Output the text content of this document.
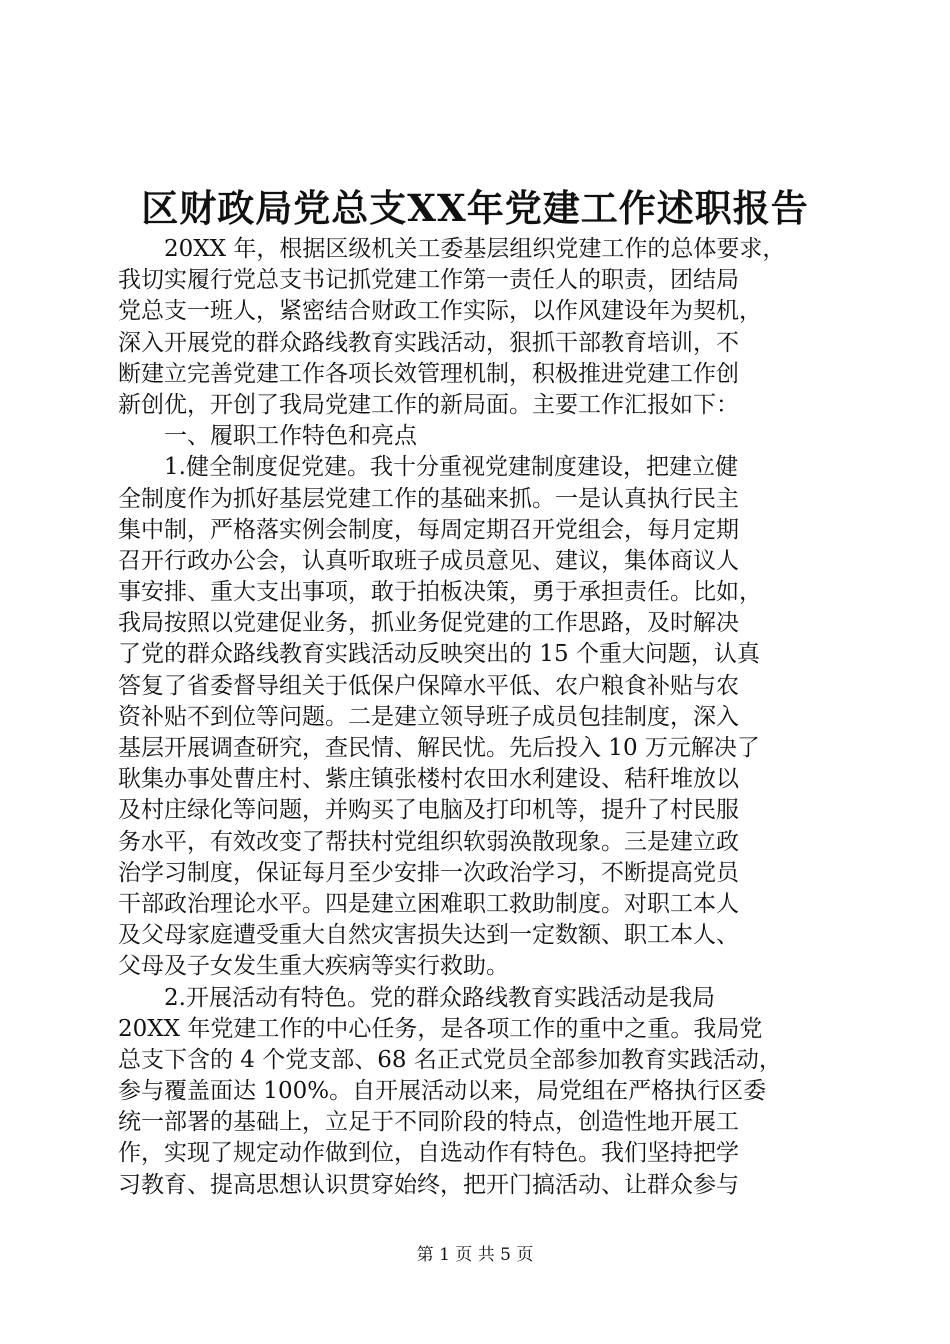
区财政局党总支XX年党建工作述职报告
20XX 年，根据区级机关工委基层组织党建工作的总体要求，
我切实履行党总支书记抓党建工作第一责任人的职责，团结局
党总支一班人，紧密结合财政工作实际，以作风建设年为契机，
深入开展党的群众路线教育实践活动，狠抓干部教育培训，不
断建立完善党建工作各项长效管理机制，积极推进党建工作创
新创优，开创了我局党建工作的新局面。主要工作汇报如下：
一、履职工作特色和亮点
1.健全制度促党建。我十分重视党建制度建设，把建立健
全制度作为抓好基层党建工作的基础来抓。一是认真执行民主
集中制，严格落实例会制度，每周定期召开党组会，每月定期
召开行政办公会，认真听取班子成员意见、建议，集体商议人
事安排、重大支出事项，敢于拍板决策，勇于承担责任。比如，
我局按照以党建促业务，抓业务促党建的工作思路，及时解决
了党的群众路线教育实践活动反映突出的 15 个重大问题，认真
答复了省委督导组关于低保户保障水平低、农户粮食补贴与农
资补贴不到位等问题。二是建立领导班子成员包挂制度，深入
基层开展调查研究，查民情、解民忧。先后投入 10 万元解决了
耿集办事处曹庄村、紫庄镇张楼村农田水利建设、秸秆堆放以
及村庄绿化等问题，并购买了电脑及打印机等，提升了村民服
务水平，有效改变了帮扶村党组织软弱涣散现象。三是建立政
治学习制度，保证每月至少安排一次政治学习，不断提高党员
干部政治理论水平。四是建立困难职工救助制度。对职工本人
及父母家庭遭受重大自然灾害损失达到一定数额、职工本人、
父母及子女发生重大疾病等实行救助。
2.开展活动有特色。党的群众路线教育实践活动是我局
20XX 年党建工作的中心任务，是各项工作的重中之重。我局党
总支下含的 4 个党支部、68 名正式党员全部参加教育实践活动，
参与覆盖面达 100%。自开展活动以来，局党组在严格执行区委
统一部署的基础上，立足于不同阶段的特点，创造性地开展工
作，实现了规定动作做到位，自选动作有特色。我们坚持把学
习教育、提高思想认识贯穿始终，把开门搞活动、让群众参与
第 1 页 共 5 页
